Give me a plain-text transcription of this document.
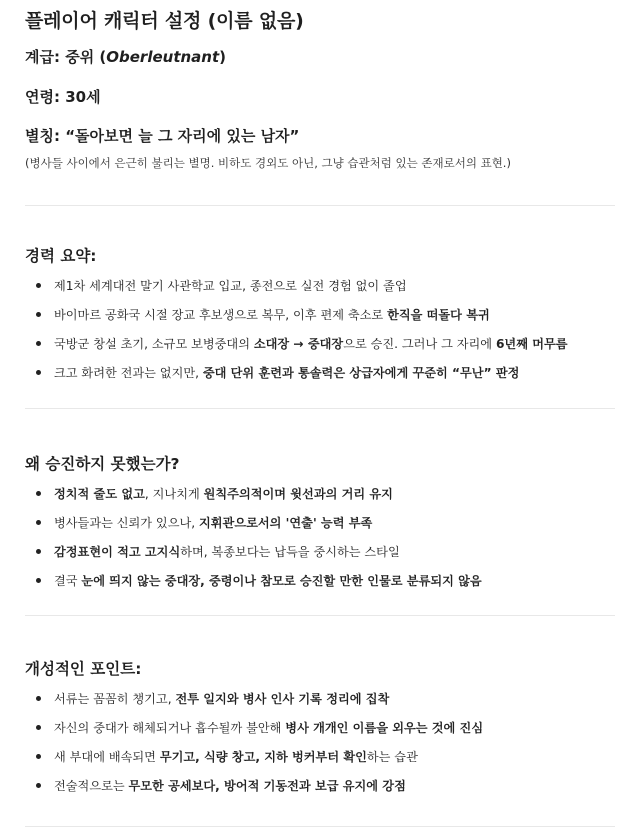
플레이어 캐릭터 설정 (이름 없음)
계급: 중위 (Oberleutnant)
연령: 30세
별칭: “돌아보면 늘 그 자리에 있는 남자”
(병사들 사이에서 은근히 불리는 별명. 비하도 경외도 아닌, 그냥 습관처럼 있는 존재로서의 표현.)
경력 요약:
제1차 세계대전 말기 사관학교 입교, 종전으로 실전 경험 없이 졸업
바이마르 공화국 시절 장교 후보생으로 복무, 이후 편제 축소로 한직을 떠돌다 복귀
국방군 창설 초기, 소규모 보병중대의 소대장 → 중대장으로 승진. 그러나 그 자리에 6년째 머무름
크고 화려한 전과는 없지만, 중대 단위 훈련과 통솔력은 상급자에게 꾸준히 “무난” 판정
왜 승진하지 못했는가?
정치적 줄도 없고, 지나치게 원칙주의적이며 윗선과의 거리 유지
병사들과는 신뢰가 있으나, 지휘관으로서의 '연출' 능력 부족
감정표현이 적고 고지식하며, 복종보다는 납득을 중시하는 스타일
결국 눈에 띄지 않는 중대장, 중령이나 참모로 승진할 만한 인물로 분류되지 않음
개성적인 포인트:
서류는 꼼꼼히 챙기고, 전투 일지와 병사 인사 기록 정리에 집착
자신의 중대가 해체되거나 흡수될까 불안해 병사 개개인 이름을 외우는 것에 진심
새 부대에 배속되면 무기고, 식량 창고, 지하 벙커부터 확인하는 습관
전술적으로는 무모한 공세보다, 방어적 기동전과 보급 유지에 강점
